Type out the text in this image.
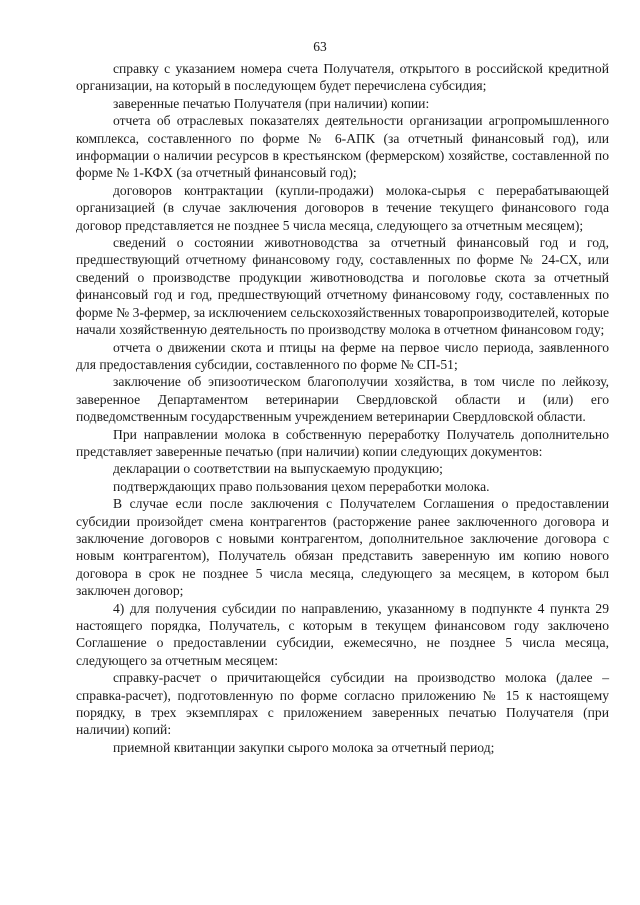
63

справку с указанием номера счета Получателя, открытого в российской кредитной организации, на который в последующем будет перечислена субсидия;

заверенные печатью Получателя (при наличии) копии:

отчета об отраслевых показателях деятельности организации агропромышленного комплекса, составленного по форме № 6-АПК (за отчетный финансовый год), или информации о наличии ресурсов в крестьянском (фермерском) хозяйстве, составленной по форме № 1-КФХ (за отчетный финансовый год);

договоров контрактации (купли-продажи) молока-сырья с перерабатывающей организацией (в случае заключения договоров в течение текущего финансового года договор представляется не позднее 5 числа месяца, следующего за отчетным месяцем);

сведений о состоянии животноводства за отчетный финансовый год и год, предшествующий отчетному финансовому году, составленных по форме № 24-СХ, или сведений о производстве продукции животноводства и поголовье скота за отчетный финансовый год и год, предшествующий отчетному финансовому году, составленных по форме № 3-фермер, за исключением сельскохозяйственных товаропроизводителей, которые начали хозяйственную деятельность по производству молока в отчетном финансовом году;

отчета о движении скота и птицы на ферме на первое число периода, заявленного для предоставления субсидии, составленного по форме № СП-51;

заключение об эпизоотическом благополучии хозяйства, в том числе по лейкозу, заверенное Департаментом ветеринарии Свердловской области и (или) его подведомственным государственным учреждением ветеринарии Свердловской области.

При направлении молока в собственную переработку Получатель дополнительно представляет заверенные печатью (при наличии) копии следующих документов:

декларации о соответствии на выпускаемую продукцию;

подтверждающих право пользования цехом переработки молока.

В случае если после заключения с Получателем Соглашения о предоставлении субсидии произойдет смена контрагентов (расторжение ранее заключенного договора и заключение договоров с новыми контрагентом, дополнительное заключение договора с новым контрагентом), Получатель обязан представить заверенную им копию нового договора в срок не позднее 5 числа месяца, следующего за месяцем, в котором был заключен договор;

4) для получения субсидии по направлению, указанному в подпункте 4 пункта 29 настоящего порядка, Получатель, с которым в текущем финансовом году заключено Соглашение о предоставлении субсидии, ежемесячно, не позднее 5 числа месяца, следующего за отчетным месяцем:

справку-расчет о причитающейся субсидии на производство молока (далее – справка-расчет), подготовленную по форме согласно приложению № 15 к настоящему порядку, в трех экземплярах с приложением заверенных печатью Получателя (при наличии) копий:

приемной квитанции закупки сырого молока за отчетный период;
